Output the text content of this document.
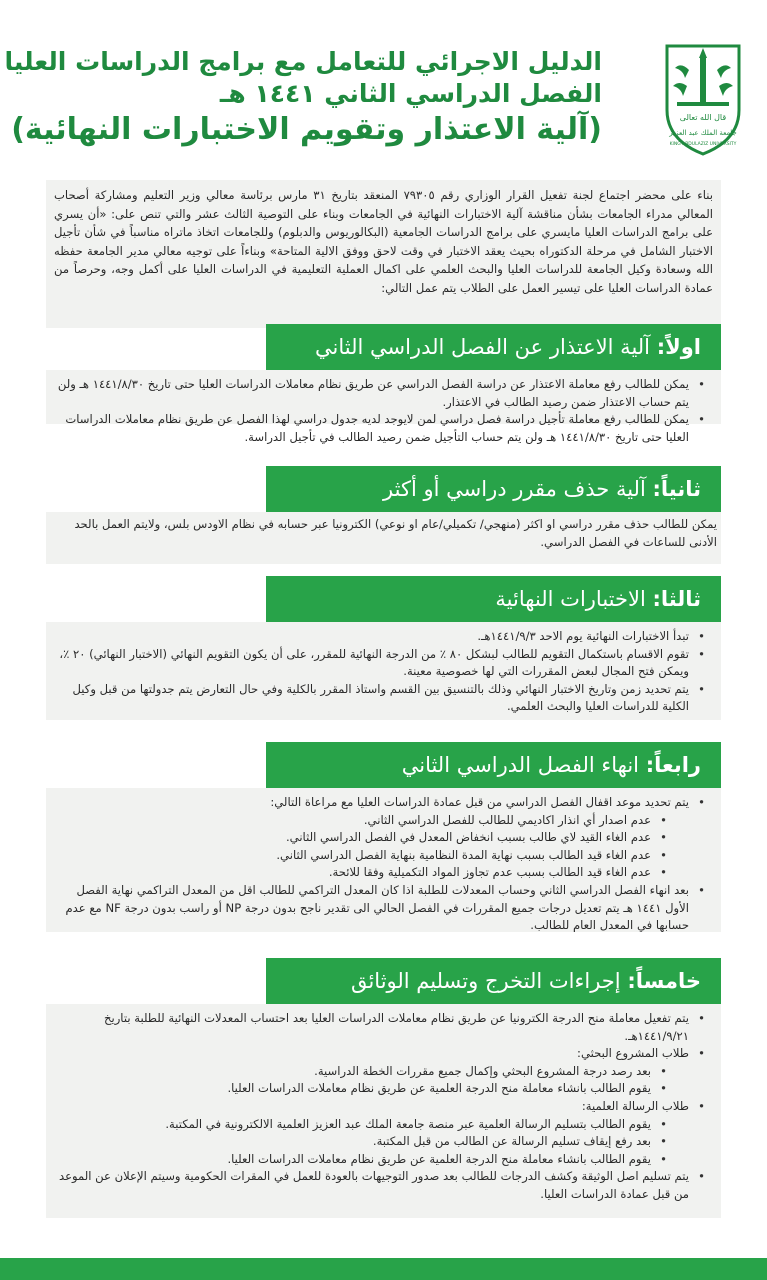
قال الله تعالى
جامعة الملك عبد العزيز
KING ABDULAZIZ UNIVERSITY
الدليل الاجرائي للتعامل مع برامج الدراسات العليا
الفصل الدراسي الثاني ١٤٤١ هـ
(آلية الاعتذار وتقويم الاختبارات النهائية)
بناء على محضر اجتماع لجنة تفعيل القرار الوزاري رقم ٧٩٣٠٥ المنعقد بتاريخ ٣١ مارس برئاسة معالي وزير التعليم ومشاركة أصحاب المعالي مدراء الجامعات بشأن مناقشة آلية الاختبارات النهائية في الجامعات وبناء على التوصية الثالث عشر والتي تنص على: «أن يسري على برامج الدراسات العليا مايسري على برامج الدراسات الجامعية (البكالوريوس والدبلوم) وللجامعات اتخاذ ماتراه مناسباً في شأن تأجيل الاختبار الشامل في مرحلة الدكتوراه بحيث يعقد الاختبار في وقت لاحق ووفق الالية المتاحة» وبناءاً على توجيه معالي مدير الجامعة حفظه الله وسعادة وكيل الجامعة للدراسات العليا والبحث العلمي على اكمال العملية التعليمية في الدراسات العليا على أكمل وجه، وحرصاً من عمادة الدراسات العليا على تيسير العمل على الطلاب يتم عمل التالي:
اولاً: آلية الاعتذار عن الفصل الدراسي الثاني
• يمكن للطالب رفع معاملة الاعتذار عن دراسة الفصل الدراسي عن طريق نظام معاملات الدراسات العليا حتى تاريخ ١٤٤١/٨/٣٠ هـ ولن يتم حساب الاعتذار ضمن رصيد الطالب في الاعتذار.
• يمكن للطالب رفع معاملة تأجيل دراسة فصل دراسي لمن لايوجد لديه جدول دراسي لهذا الفصل عن طريق نظام معاملات الدراسات العليا حتى تاريخ ١٤٤١/٨/٣٠ هـ ولن يتم حساب التأجيل ضمن رصيد الطالب في تأجيل الدراسة.
ثانياً: آلية حذف مقرر دراسي أو أكثر
يمكن للطالب حذف مقرر دراسي او اكثر (منهجي/ تكميلي/عام او نوعي) الكترونيا عبر حسابه في نظام الاودس بلس، ولايتم العمل بالحد الأدنى للساعات في الفصل الدراسي.
ثالثا: الاختبارات النهائية
• تبدأ الاختبارات النهائية يوم الاحد ١٤٤١/٩/٣هـ.
• تقوم الاقسام باستكمال التقويم للطالب لبشكل ٨٠ ٪ من الدرجة النهائية للمقرر، على أن يكون التقويم النهائي (الاختبار النهائي) ٢٠ ٪، ويمكن فتح المجال لبعض المقررات التي لها خصوصية معينة.
• يتم تحديد زمن وتاريخ الاختبار النهائي وذلك بالتنسيق بين القسم واستاذ المقرر بالكلية وفي حال التعارض يتم جدولتها من قبل وكيل الكلية للدراسات العليا والبحث العلمي.
رابعاً: انهاء الفصل الدراسي الثاني
• يتم تحديد موعد اقفال الفصل الدراسي من قبل عمادة الدراسات العليا مع مراعاة التالي:
• عدم اصدار أي انذار اكاديمي للطالب للفصل الدراسي الثاني.
• عدم الغاء القيد لاي طالب بسبب انخفاض المعدل في الفصل الدراسي الثاني.
• عدم الغاء قيد الطالب بسبب نهاية المدة النظامية بنهاية الفصل الدراسي الثاني.
• عدم الغاء قيد الطالب بسبب عدم تجاوز المواد التكميلية وفقا للائحة.
• بعد انهاء الفصل الدراسي الثاني وحساب المعدلات للطلبة اذا كان المعدل التراكمي للطالب اقل من المعدل التراكمي نهاية الفصل الأول ١٤٤١ هـ يتم تعديل درجات جميع المقررات في الفصل الحالي الى تقدير ناجح بدون درجة NP أو راسب بدون درجة NF مع عدم حسابها في المعدل العام للطالب.
خامساً: إجراءات التخرج وتسليم الوثائق
• يتم تفعيل معاملة منح الدرجة الكترونيا عن طريق نظام معاملات الدراسات العليا بعد احتساب المعدلات النهائية للطلبة بتاريخ ١٤٤١/٩/٢١هـ.
• طلاب المشروع البحثي:
• بعد رصد درجة المشروع البحثي وإكمال جميع مقررات الخطة الدراسية.
• يقوم الطالب بانشاء معاملة منح الدرجة العلمية عن طريق نظام معاملات الدراسات العليا.
• طلاب الرسالة العلمية:
• يقوم الطالب بتسليم الرسالة العلمية عبر منصة جامعة الملك عبد العزيز العلمية الالكترونية في المكتبة.
• بعد رفع إيقاف تسليم الرسالة عن الطالب من قبل المكتبة.
• يقوم الطالب بانشاء معاملة منح الدرجة العلمية عن طريق نظام معاملات الدراسات العليا.
• يتم تسليم اصل الوثيقة وكشف الدرجات للطالب بعد صدور التوجيهات بالعودة للعمل في المقرات الحكومية وسيتم الإعلان عن الموعد من قبل عمادة الدراسات العليا.
